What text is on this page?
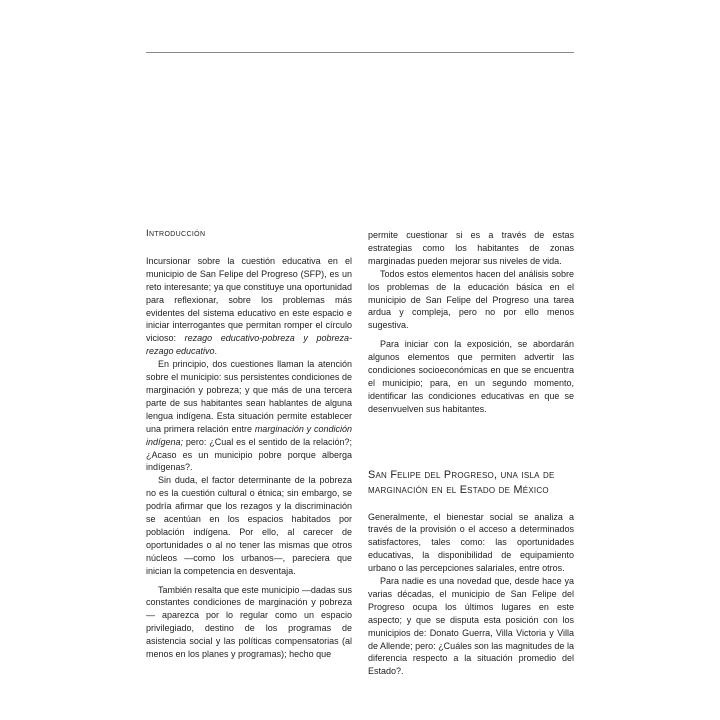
Introducción

Incursionar sobre la cuestión educativa en el municipio de San Felipe del Progreso (SFP), es un reto interesante; ya que constituye una oportunidad para reflexionar, sobre los problemas más evidentes del sistema educativo en este espacio e iniciar interrogantes que permitan romper el círculo vicioso: rezago educativo-pobreza y pobreza-rezago educativo.

En principio, dos cuestiones llaman la atención sobre el municipio: sus persistentes condiciones de marginación y pobreza; y que más de una tercera parte de sus habitantes sean hablantes de alguna lengua indígena. Esta situación permite establecer una primera relación entre marginación y condición indígena; pero: ¿Cual es el sentido de la relación?; ¿Acaso es un municipio pobre porque alberga indígenas?.

Sin duda, el factor determinante de la pobreza no es la cuestión cultural o étnica; sin embargo, se podría afirmar que los rezagos y la discriminación se acentúan en los espacios habitados por población indígena. Por ello, al carecer de oportunidades o al no tener las mismas que otros núcleos —como los urbanos—, pareciera que inician la competencia en desventaja.

También resalta que este municipio —dadas sus constantes condiciones de marginación y pobreza— aparezca por lo regular como un espacio privilegiado, destino de los programas de asistencia social y las políticas compensatorias (al menos en los planes y programas); hecho que

permite cuestionar si es a través de estas estrategias como los habitantes de zonas marginadas pueden mejorar sus niveles de vida.

Todos estos elementos hacen del análisis sobre los problemas de la educación básica en el municipio de San Felipe del Progreso una tarea ardua y compleja, pero no por ello menos sugestiva.

Para iniciar con la exposición, se abordarán algunos elementos que permiten advertir las condiciones socioeconómicas en que se encuentra el municipio; para, en un segundo momento, identificar las condiciones educativas en que se desenvuelven sus habitantes.

San Felipe del Progreso, una isla de marginación en el Estado de México

Generalmente, el bienestar social se analiza a través de la provisión o el acceso a determinados satisfactores, tales como: las oportunidades educativas, la disponibilidad de equipamiento urbano o las percepciones salariales, entre otros.

Para nadie es una novedad que, desde hace ya varias décadas, el municipio de San Felipe del Progreso ocupa los últimos lugares en este aspecto; y que se disputa esta posición con los municipios de: Donato Guerra, Villa Victoria y Villa de Allende; pero: ¿Cuáles son las magnitudes de la diferencia respecto a la situación promedio del Estado?.
